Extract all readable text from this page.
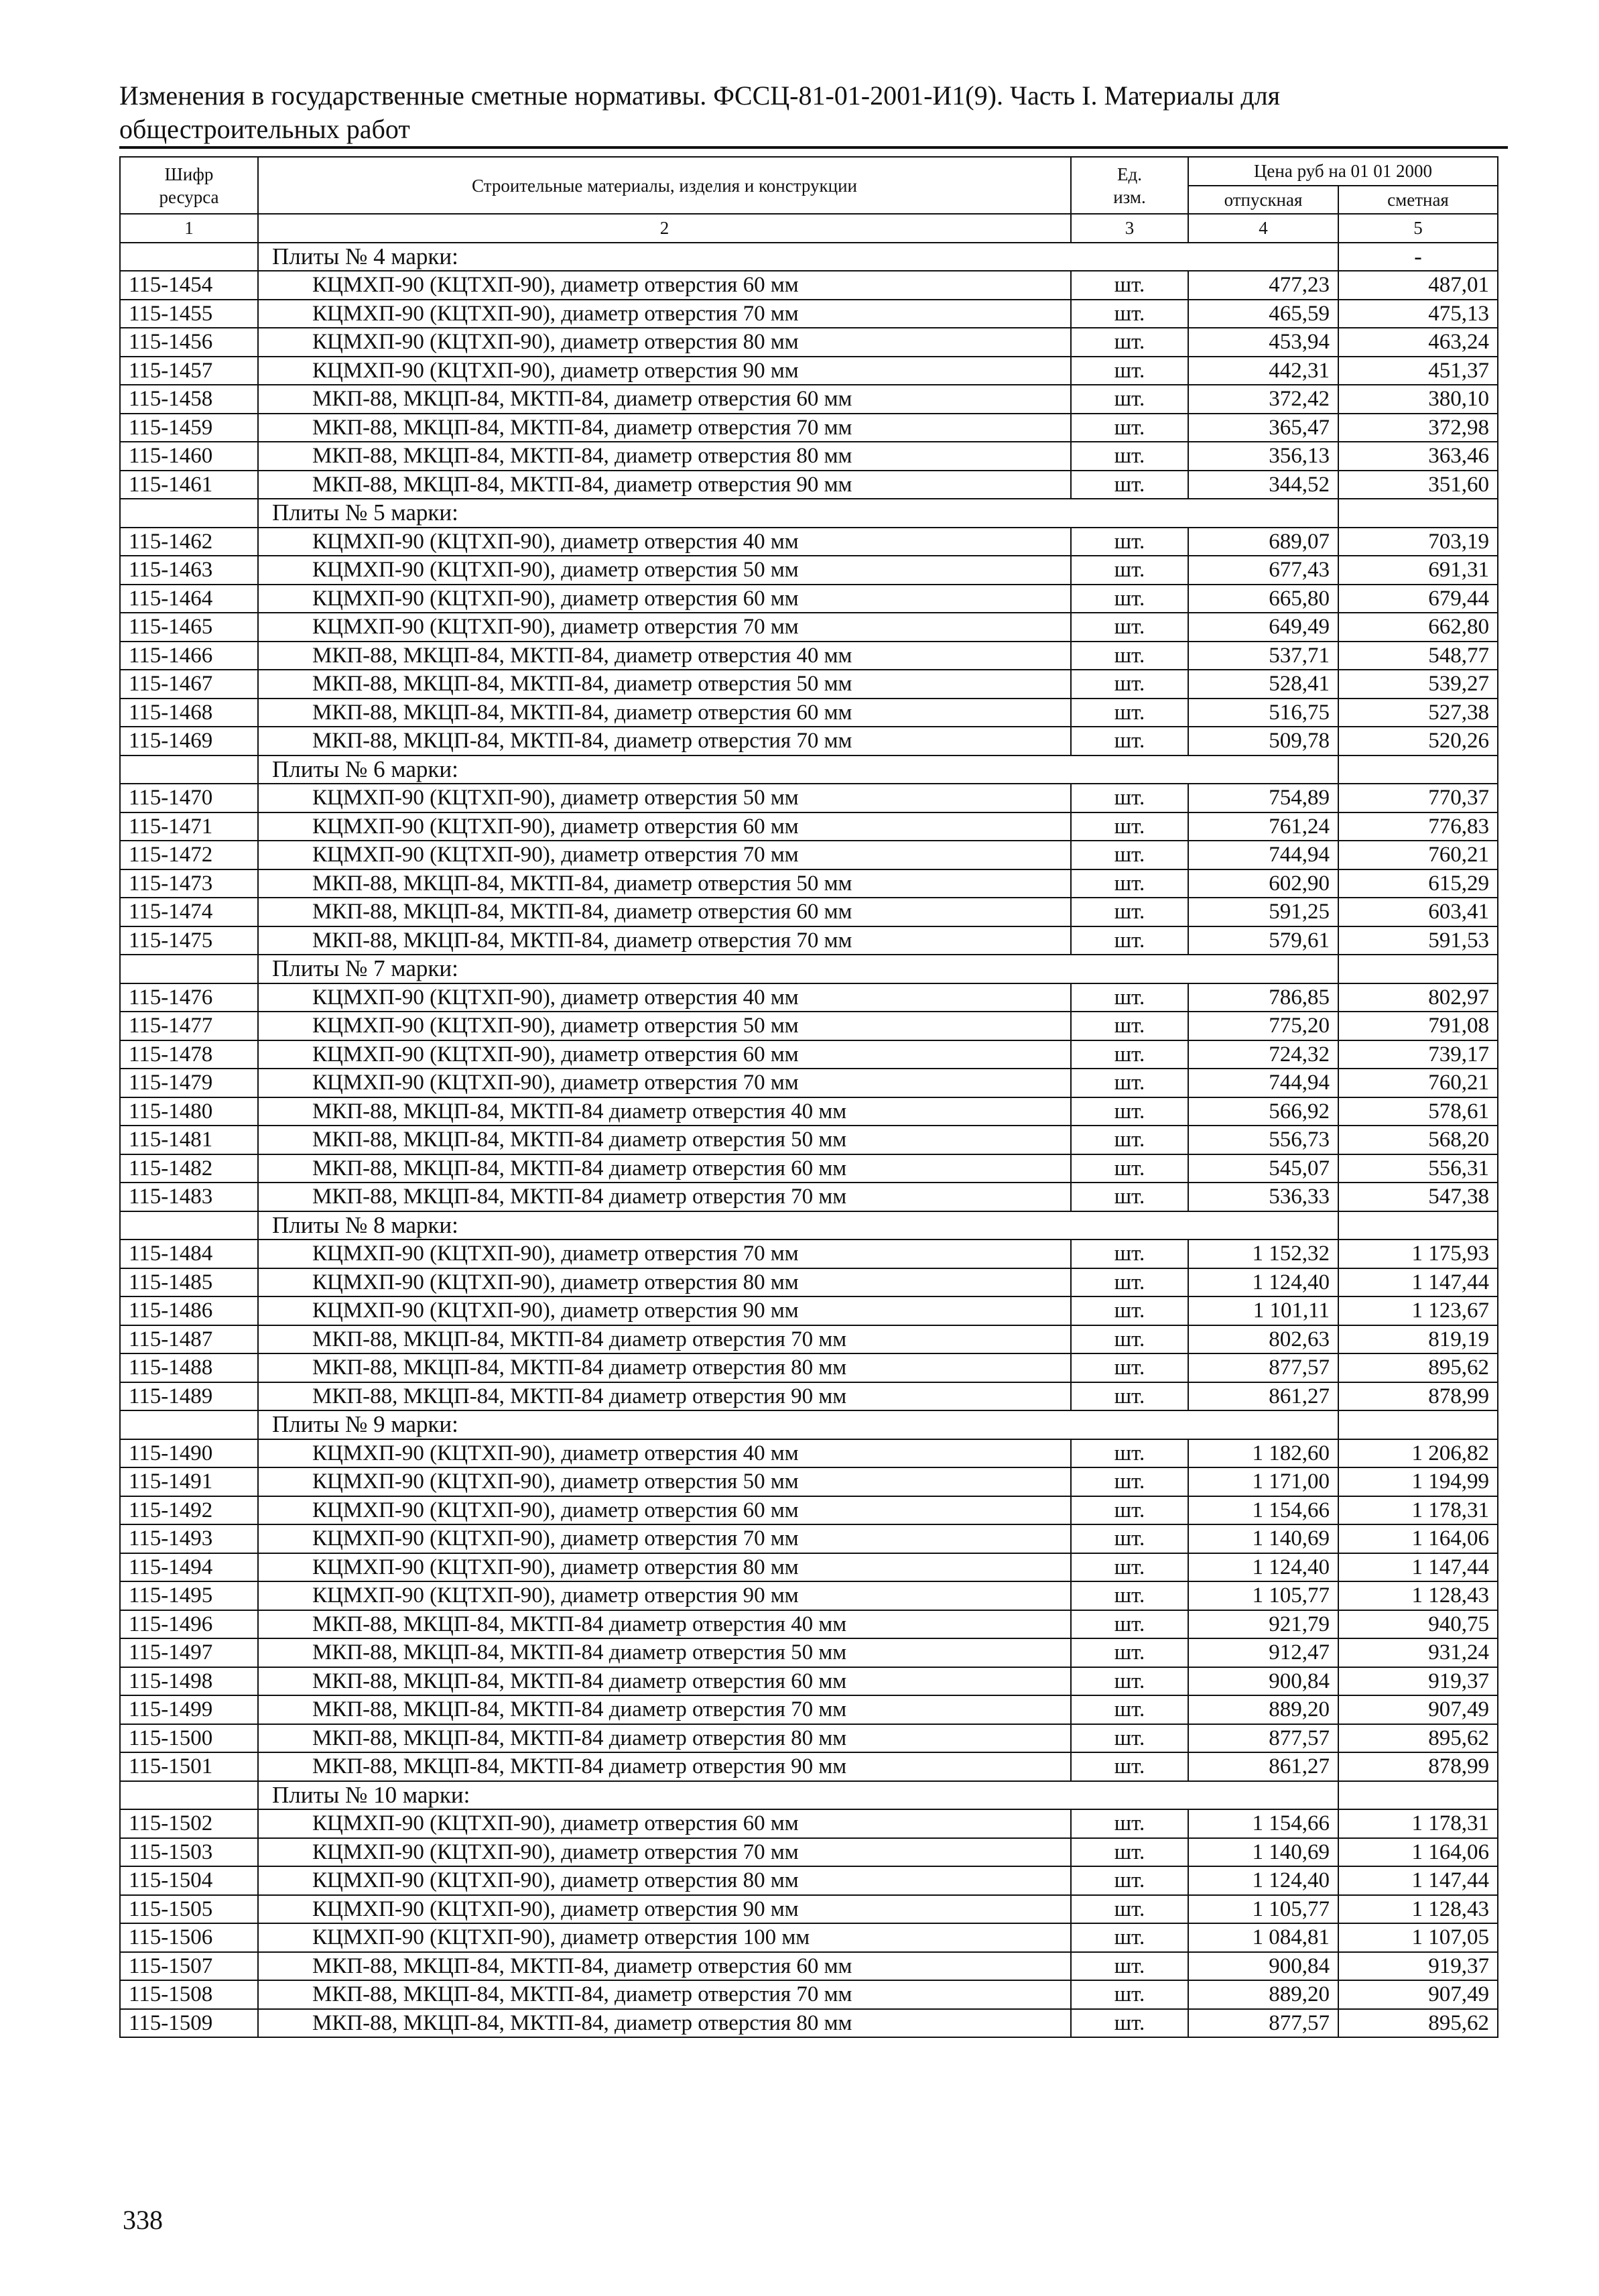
Изменения в государственные сметные нормативы. ФССЦ-81-01-2001-И1(9). Часть I. Материалы для
общестроительных работ
Шифр ресурса	Строительные материалы, изделия и конструкции	Ед. изм.	Цена руб на 01 01 2000	
			отпускная	сметная
1	2	3	4	5
	Плиты № 4 марки:			-
115-1454	КЦМХП-90 (КЦТХП-90), диаметр отверстия 60 мм	шт.	477,23	487,01
115-1455	КЦМХП-90 (КЦТХП-90), диаметр отверстия 70 мм	шт.	465,59	475,13
115-1456	КЦМХП-90 (КЦТХП-90), диаметр отверстия 80 мм	шт.	453,94	463,24
115-1457	КЦМХП-90 (КЦТХП-90), диаметр отверстия 90 мм	шт.	442,31	451,37
115-1458	МКП-88, МКЦП-84, МКТП-84, диаметр отверстия 60 мм	шт.	372,42	380,10
115-1459	МКП-88, МКЦП-84, МКТП-84, диаметр отверстия 70 мм	шт.	365,47	372,98
115-1460	МКП-88, МКЦП-84, МКТП-84, диаметр отверстия 80 мм	шт.	356,13	363,46
115-1461	МКП-88, МКЦП-84, МКТП-84, диаметр отверстия 90 мм	шт.	344,52	351,60
	Плиты № 5 марки:			
115-1462	КЦМХП-90 (КЦТХП-90), диаметр отверстия 40 мм	шт.	689,07	703,19
115-1463	КЦМХП-90 (КЦТХП-90), диаметр отверстия 50 мм	шт.	677,43	691,31
115-1464	КЦМХП-90 (КЦТХП-90), диаметр отверстия 60 мм	шт.	665,80	679,44
115-1465	КЦМХП-90 (КЦТХП-90), диаметр отверстия 70 мм	шт.	649,49	662,80
115-1466	МКП-88, МКЦП-84, МКТП-84, диаметр отверстия 40 мм	шт.	537,71	548,77
115-1467	МКП-88, МКЦП-84, МКТП-84, диаметр отверстия 50 мм	шт.	528,41	539,27
115-1468	МКП-88, МКЦП-84, МКТП-84, диаметр отверстия 60 мм	шт.	516,75	527,38
115-1469	МКП-88, МКЦП-84, МКТП-84, диаметр отверстия 70 мм	шт.	509,78	520,26
	Плиты № 6 марки:			
115-1470	КЦМХП-90 (КЦТХП-90), диаметр отверстия 50 мм	шт.	754,89	770,37
115-1471	КЦМХП-90 (КЦТХП-90), диаметр отверстия 60 мм	шт.	761,24	776,83
115-1472	КЦМХП-90 (КЦТХП-90), диаметр отверстия 70 мм	шт.	744,94	760,21
115-1473	МКП-88, МКЦП-84, МКТП-84, диаметр отверстия 50 мм	шт.	602,90	615,29
115-1474	МКП-88, МКЦП-84, МКТП-84, диаметр отверстия 60 мм	шт.	591,25	603,41
115-1475	МКП-88, МКЦП-84, МКТП-84, диаметр отверстия 70 мм	шт.	579,61	591,53
	Плиты № 7 марки:			
115-1476	КЦМХП-90 (КЦТХП-90), диаметр отверстия 40 мм	шт.	786,85	802,97
115-1477	КЦМХП-90 (КЦТХП-90), диаметр отверстия 50 мм	шт.	775,20	791,08
115-1478	КЦМХП-90 (КЦТХП-90), диаметр отверстия 60 мм	шт.	724,32	739,17
115-1479	КЦМХП-90 (КЦТХП-90), диаметр отверстия 70 мм	шт.	744,94	760,21
115-1480	МКП-88, МКЦП-84, МКТП-84 диаметр отверстия 40 мм	шт.	566,92	578,61
115-1481	МКП-88, МКЦП-84, МКТП-84 диаметр отверстия 50 мм	шт.	556,73	568,20
115-1482	МКП-88, МКЦП-84, МКТП-84 диаметр отверстия 60 мм	шт.	545,07	556,31
115-1483	МКП-88, МКЦП-84, МКТП-84 диаметр отверстия 70 мм	шт.	536,33	547,38
	Плиты № 8 марки:			
115-1484	КЦМХП-90 (КЦТХП-90), диаметр отверстия 70 мм	шт.	1 152,32	1 175,93
115-1485	КЦМХП-90 (КЦТХП-90), диаметр отверстия 80 мм	шт.	1 124,40	1 147,44
115-1486	КЦМХП-90 (КЦТХП-90), диаметр отверстия 90 мм	шт.	1 101,11	1 123,67
115-1487	МКП-88, МКЦП-84, МКТП-84 диаметр отверстия 70 мм	шт.	802,63	819,19
115-1488	МКП-88, МКЦП-84, МКТП-84 диаметр отверстия 80 мм	шт.	877,57	895,62
115-1489	МКП-88, МКЦП-84, МКТП-84 диаметр отверстия 90 мм	шт.	861,27	878,99
	Плиты № 9 марки:			
115-1490	КЦМХП-90 (КЦТХП-90), диаметр отверстия 40 мм	шт.	1 182,60	1 206,82
115-1491	КЦМХП-90 (КЦТХП-90), диаметр отверстия 50 мм	шт.	1 171,00	1 194,99
115-1492	КЦМХП-90 (КЦТХП-90), диаметр отверстия 60 мм	шт.	1 154,66	1 178,31
115-1493	КЦМХП-90 (КЦТХП-90), диаметр отверстия 70 мм	шт.	1 140,69	1 164,06
115-1494	КЦМХП-90 (КЦТХП-90), диаметр отверстия 80 мм	шт.	1 124,40	1 147,44
115-1495	КЦМХП-90 (КЦТХП-90), диаметр отверстия 90 мм	шт.	1 105,77	1 128,43
115-1496	МКП-88, МКЦП-84, МКТП-84 диаметр отверстия 40 мм	шт.	921,79	940,75
115-1497	МКП-88, МКЦП-84, МКТП-84 диаметр отверстия 50 мм	шт.	912,47	931,24
115-1498	МКП-88, МКЦП-84, МКТП-84 диаметр отверстия 60 мм	шт.	900,84	919,37
115-1499	МКП-88, МКЦП-84, МКТП-84 диаметр отверстия 70 мм	шт.	889,20	907,49
115-1500	МКП-88, МКЦП-84, МКТП-84 диаметр отверстия 80 мм	шт.	877,57	895,62
115-1501	МКП-88, МКЦП-84, МКТП-84 диаметр отверстия 90 мм	шт.	861,27	878,99
	Плиты № 10 марки:			
115-1502	КЦМХП-90 (КЦТХП-90), диаметр отверстия 60 мм	шт.	1 154,66	1 178,31
115-1503	КЦМХП-90 (КЦТХП-90), диаметр отверстия 70 мм	шт.	1 140,69	1 164,06
115-1504	КЦМХП-90 (КЦТХП-90), диаметр отверстия 80 мм	шт.	1 124,40	1 147,44
115-1505	КЦМХП-90 (КЦТХП-90), диаметр отверстия 90 мм	шт.	1 105,77	1 128,43
115-1506	КЦМХП-90 (КЦТХП-90), диаметр отверстия 100 мм	шт.	1 084,81	1 107,05
115-1507	МКП-88, МКЦП-84, МКТП-84, диаметр отверстия 60 мм	шт.	900,84	919,37
115-1508	МКП-88, МКЦП-84, МКТП-84, диаметр отверстия 70 мм	шт.	889,20	907,49
115-1509	МКП-88, МКЦП-84, МКТП-84, диаметр отверстия 80 мм	шт.	877,57	895,62
338
